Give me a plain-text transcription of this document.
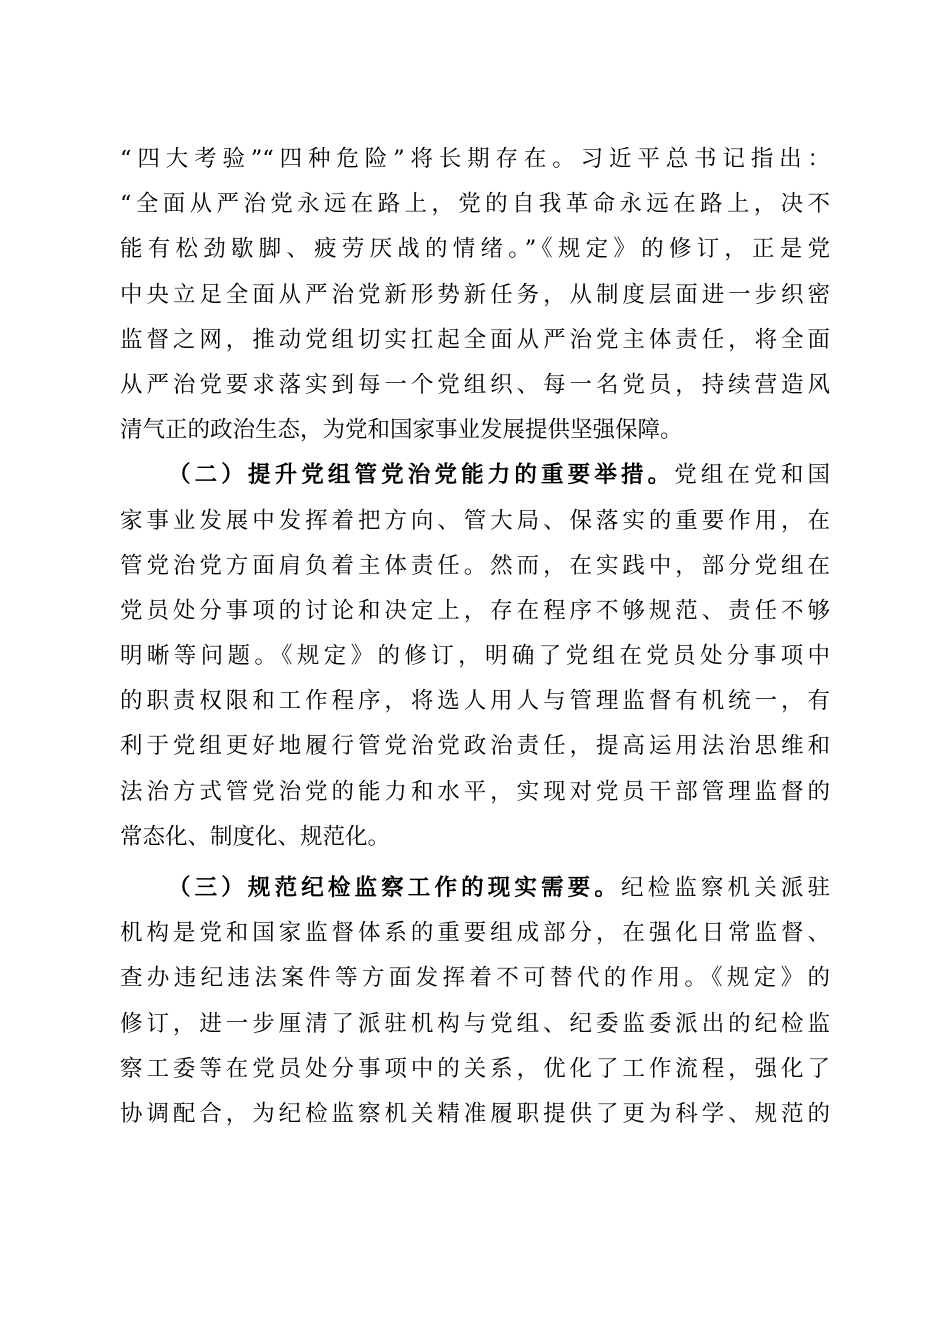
“四大考验”“四种危险”将长期存在。习近平总书记指出：
“全面从严治党永远在路上，党的自我革命永远在路上，决不
能有松劲歇脚、疲劳厌战的情绪。”《规定》的修订，正是党
中央立足全面从严治党新形势新任务，从制度层面进一步织密
监督之网，推动党组切实扛起全面从严治党主体责任，将全面
从严治党要求落实到每一个党组织、每一名党员，持续营造风
清气正的政治生态，为党和国家事业发展提供坚强保障。
（二）提升党组管党治党能力的重要举措。党组在党和国
家事业发展中发挥着把方向、管大局、保落实的重要作用，在
管党治党方面肩负着主体责任。然而，在实践中，部分党组在
党员处分事项的讨论和决定上，存在程序不够规范、责任不够
明晰等问题。《规定》的修订，明确了党组在党员处分事项中
的职责权限和工作程序，将选人用人与管理监督有机统一，有
利于党组更好地履行管党治党政治责任，提高运用法治思维和
法治方式管党治党的能力和水平，实现对党员干部管理监督的
常态化、制度化、规范化。
（三）规范纪检监察工作的现实需要。纪检监察机关派驻
机构是党和国家监督体系的重要组成部分，在强化日常监督、
查办违纪违法案件等方面发挥着不可替代的作用。《规定》的
修订，进一步厘清了派驻机构与党组、纪委监委派出的纪检监
察工委等在党员处分事项中的关系，优化了工作流程，强化了
协调配合，为纪检监察机关精准履职提供了更为科学、规范的
